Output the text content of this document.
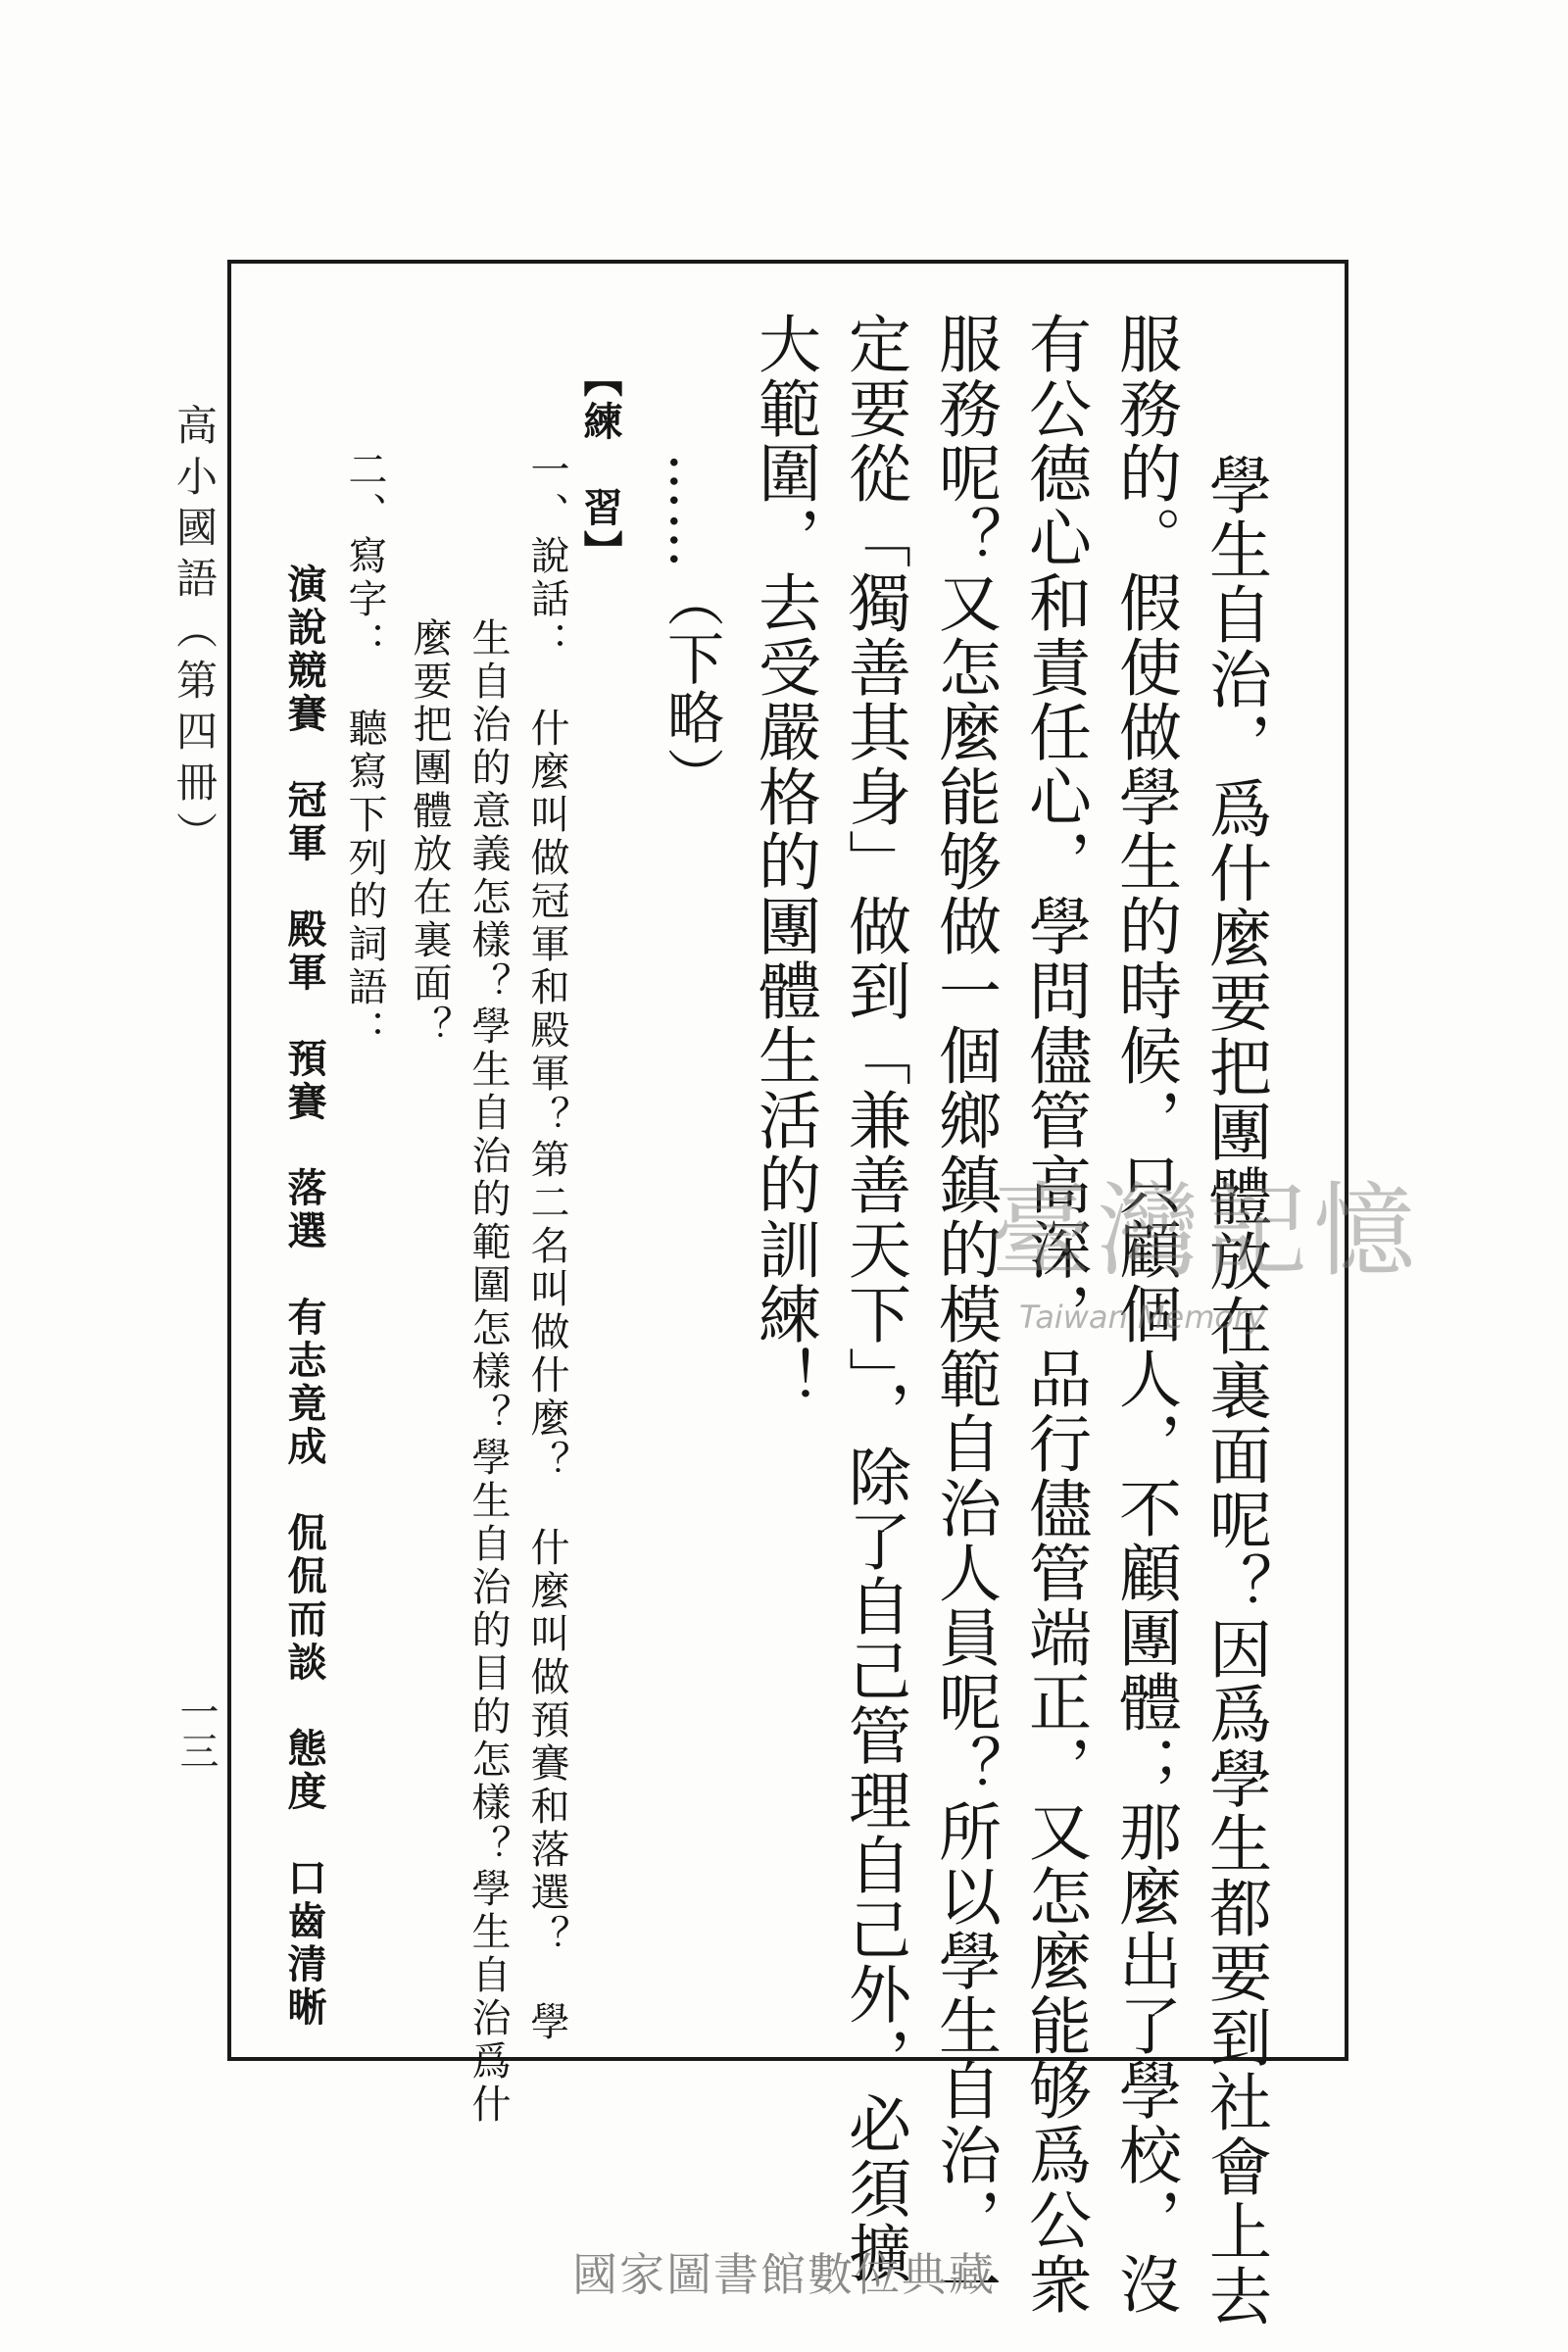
高小國語（第四冊）
一三	學生自治，爲什麼要把團體放在裏面呢？因爲學生都要到社會上去
服務的。假使做學生的時候，只顧個人，不顧團體；那麼出了學校，沒
有公德心和責任心，學問儘管高深，品行儘管端正，又怎麼能够爲公衆
服務呢？又怎麼能够做一個鄉鎮的模範自治人員呢？所以學生自治，一
定要從「獨善其身」做到「兼善天下」，除了自己管理自己外，必須擴
大範圍，去受嚴格的團體生活的訓練！
……（下略）
【練　習】
一、說話：　什麼叫做冠軍和殿軍？第二名叫做什麼？　什麼叫做預賽和落選？　學
生自治的意義怎樣？學生自治的範圍怎樣？學生自治的目的怎樣？學生自治爲什
麼要把團體放在裏面？
二、寫字：　聽寫下列的詞語：
演說競賽　冠軍　殿軍　預賽　落選　有志竟成　侃侃而談　態度　口齒清晰	臺灣記憶
Taiwan Memory
國家圖書館數位典藏
